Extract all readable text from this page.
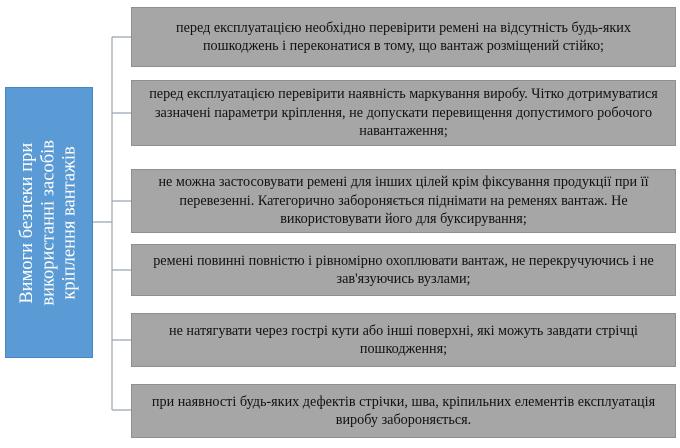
Вимоги безпеки при використанні засобів кріплення вантажів
перед експлуатацією необхідно перевірити ремені на відсутність будь-яких пошкоджень і переконатися в тому, що вантаж розміщений стійко;
перед експлуатацією перевірити наявність маркування виробу. Чітко дотримуватися зазначені параметри кріплення, не допускати перевищення допустимого робочого навантаження;
не можна застосовувати ремені для інших цілей крім фіксування продукції при її перевезенні. Категорично забороняється піднімати на ременях вантаж. Не використовувати його для буксирування;
ремені повинні повністю і рівномірно охоплювати вантаж, не перекручуючись і не зав'язуючись вузлами;
не натягувати через гострі кути або інші поверхні, які можуть завдати стрічці пошкодження;
при наявності будь-яких дефектів стрічки, шва, кріпильних елементів експлуатація виробу забороняється.
